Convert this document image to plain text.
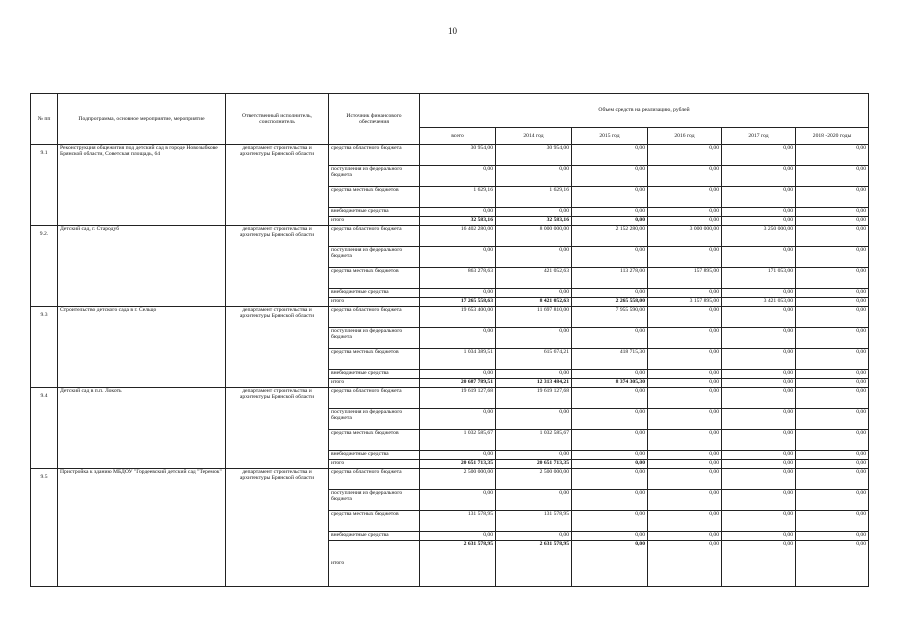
10
№ пп	Подпрограмма, основное мероприятие, мероприятие	Ответственный исполнитель, соисполнитель	Источник финансового обеспечения	Объем средств на реализацию, рублей					
				всего	2014 год	2015 год	2016 год	2017 год	2018 -2020 годы
9.1	Реконструкция общежития под детский сад в городе Новозыбкове Брянской области, Советская площадь, 64	департамент строительства и архитектуры Брянской области	средства областного бюджета	30 954,00	30 954,00	0,00	0,00	0,00	0,00
			поступления из федерального бюджета	0,00	0,00	0,00	0,00	0,00	0,00
			средства местных бюджетов	1 629,16	1 629,16	0,00	0,00	0,00	0,00
			внебюджетные средства	0,00	0,00	0,00	0,00	0,00	0,00
			итого	32 583,16	32 583,16	0,00	0,00	0,00	0,00
9.2.	Детский сад, г. Стародуб	департамент строительства и архитектуры Брянской области	средства областного бюджета	16 402 280,00	8 000 000,00	2 152 280,00	3 000 000,00	3 250 000,00	0,00
			поступления из федерального бюджета	0,00	0,00	0,00	0,00	0,00	0,00
			средства местных бюджетов	863 278,63	421 052,63	113 278,00	157 895,00	171 053,00	0,00
			внебюджетные средства	0,00	0,00	0,00	0,00	0,00	0,00
			итого	17 265 558,63	8 421 052,63	2 265 558,00	3 157 895,00	3 421 053,00	0,00
9.3	Строительство детского сада в г. Сельцо	департамент строительства и архитектуры Брянской области	средства областного бюджета	19 653 400,00	11 697 810,00	7 955 590,00	0,00	0,00	0,00
			поступления из федерального бюджета	0,00	0,00	0,00	0,00	0,00	0,00
			средства местных бюджетов	1 034 389,51	615 674,21	418 715,30	0,00	0,00	0,00
			внебюджетные средства	0,00	0,00	0,00	0,00	0,00	0,00
			итого	20 687 789,51	12 313 484,21	8 374 305,30	0,00	0,00	0,00
9.4	Детский сад в п.п. Локоть	департамент строительства и архитектуры Брянской области	средства областного бюджета	19 619 127,68	19 619 127,68	0,00	0,00	0,00	0,00
			поступления из федерального бюджета	0,00	0,00	0,00	0,00	0,00	0,00
			средства местных бюджетов	1 032 585,67	1 032 585,67	0,00	0,00	0,00	0,00
			внебюджетные средства	0,00	0,00	0,00	0,00	0,00	0,00
			итого	20 651 713,35	20 651 713,35	0,00	0,00	0,00	0,00
9.5	Пристройка к зданию МБДОУ "Гордеевский детский сад "Теремок"	департамент строительства и архитектуры Брянской области	средства областного бюджета	2 500 000,00	2 500 000,00	0,00	0,00	0,00	0,00
			поступления из федерального бюджета	0,00	0,00	0,00	0,00	0,00	0,00
			средства местных бюджетов	131 578,95	131 578,95	0,00	0,00	0,00	0,00
			внебюджетные средства	0,00	0,00	0,00	0,00	0,00	0,00
			итого	2 631 578,95	2 631 578,95	0,00	0,00	0,00	0,00
